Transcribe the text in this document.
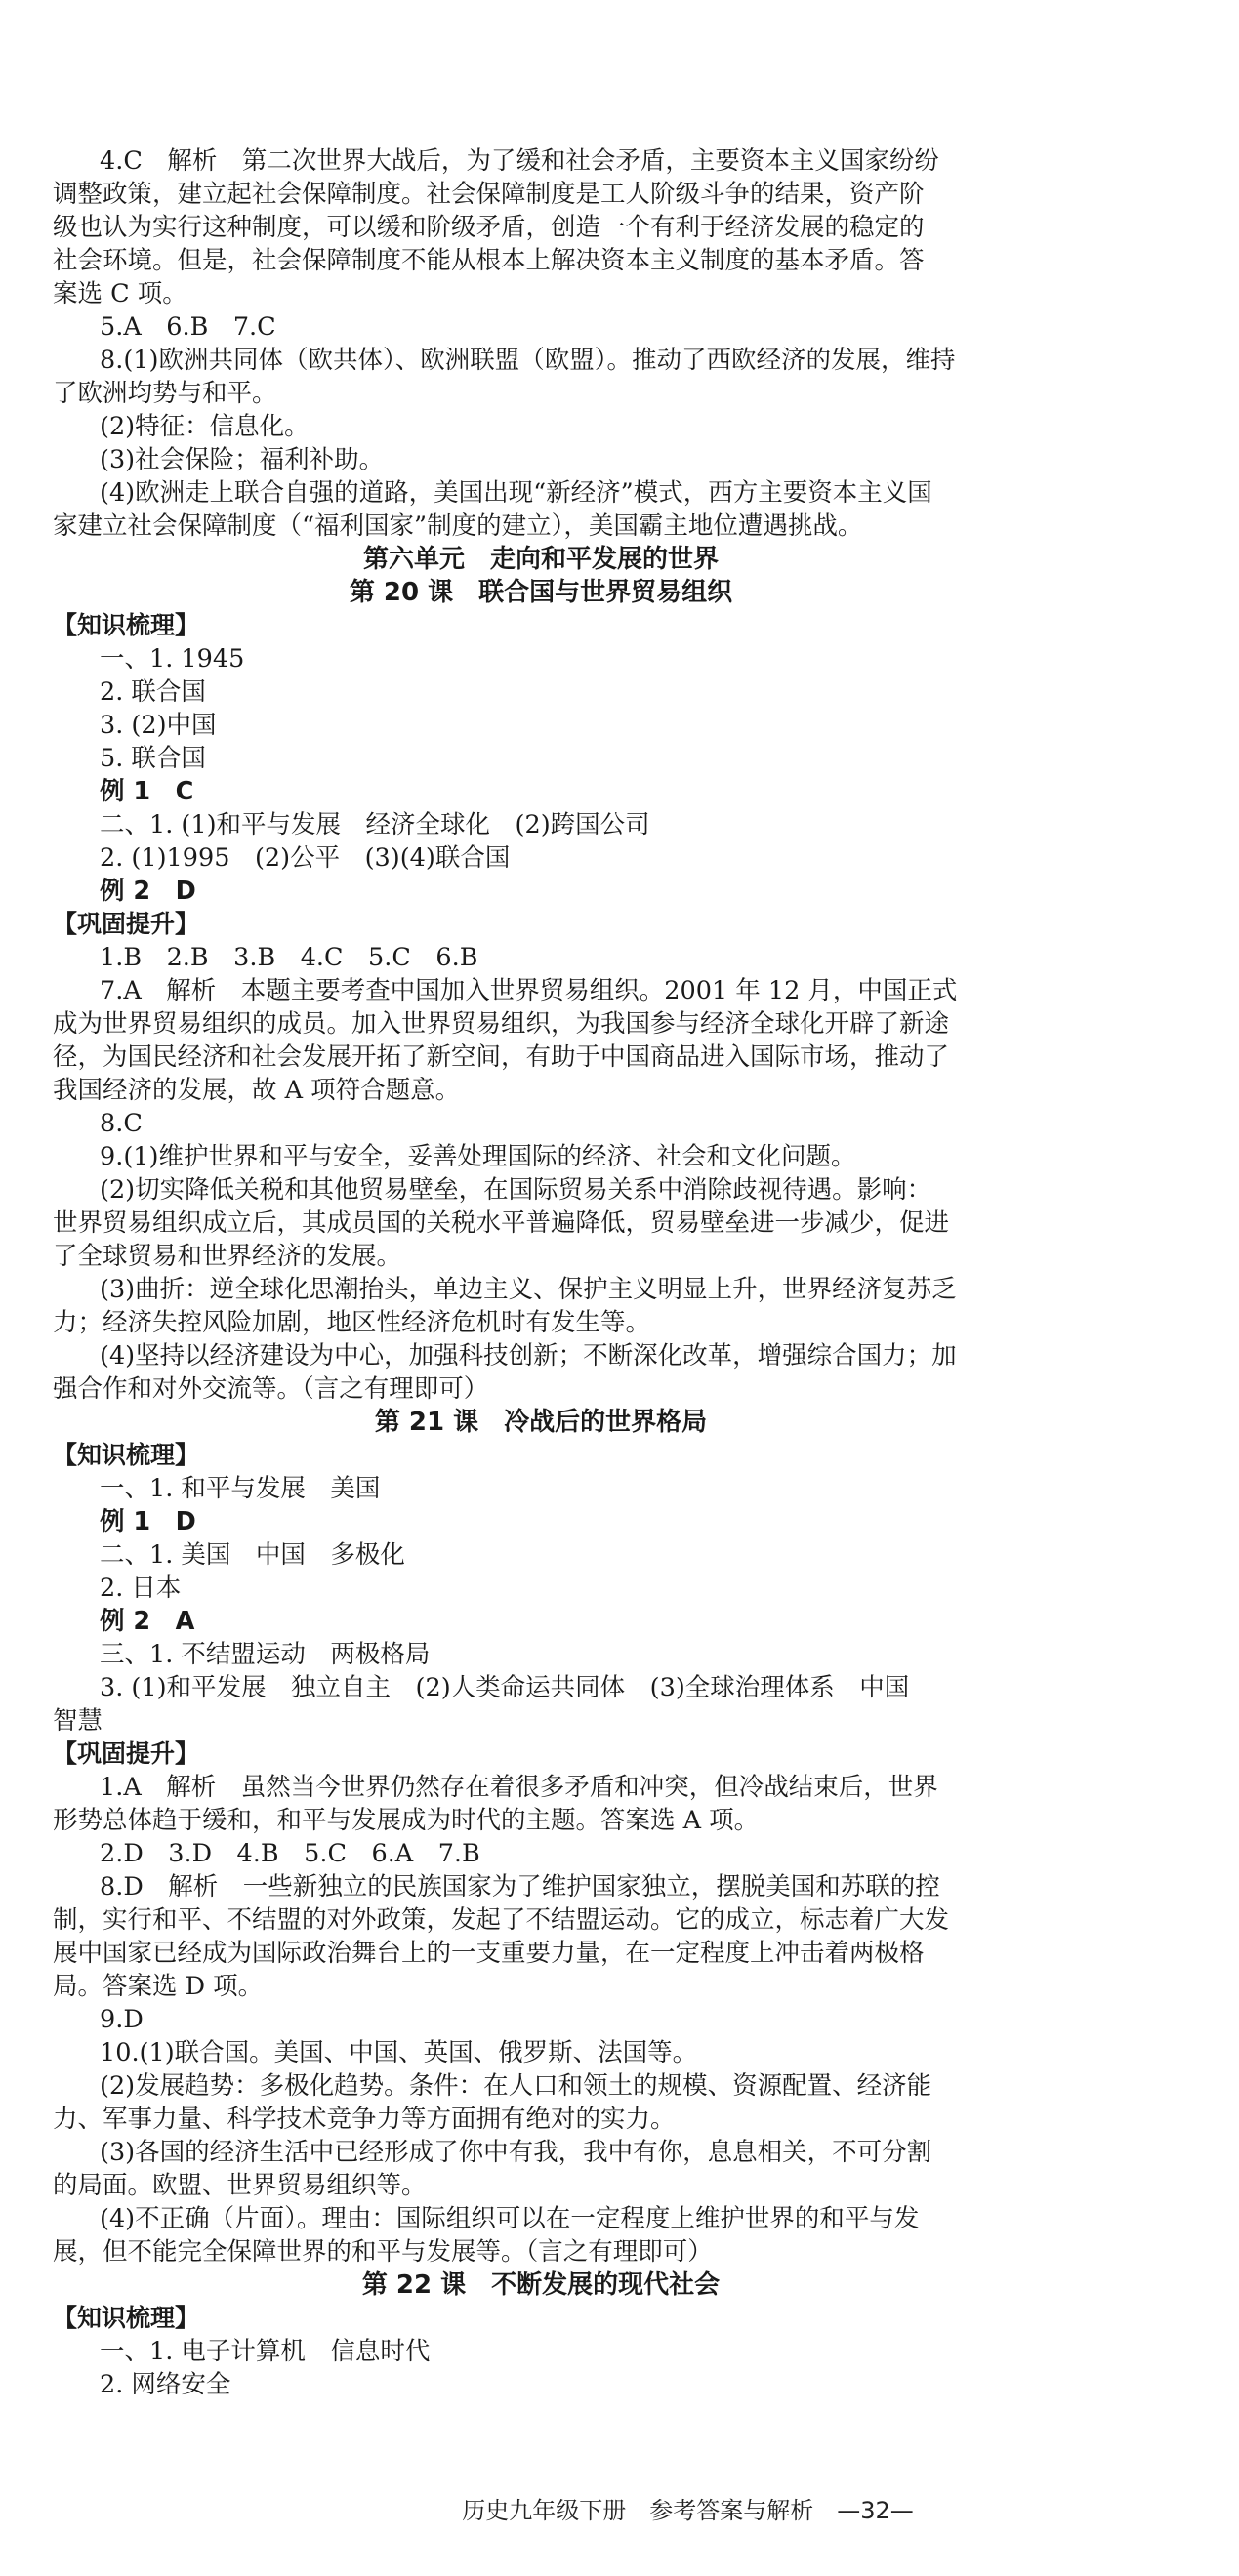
4.C　解析　第二次世界大战后，为了缓和社会矛盾，主要资本主义国家纷纷
调整政策，建立起社会保障制度。社会保障制度是工人阶级斗争的结果，资产阶
级也认为实行这种制度，可以缓和阶级矛盾，创造一个有利于经济发展的稳定的
社会环境。但是，社会保障制度不能从根本上解决资本主义制度的基本矛盾。答
案选 C 项。
5.A　6.B　7.C
8.(1)欧洲共同体（欧共体）、欧洲联盟（欧盟）。推动了西欧经济的发展，维持
了欧洲均势与和平。
(2)特征：信息化。
(3)社会保险；福利补助。
(4)欧洲走上联合自强的道路，美国出现“新经济”模式，西方主要资本主义国
家建立社会保障制度（“福利国家”制度的建立），美国霸主地位遭遇挑战。
第六单元　走向和平发展的世界
第 20 课　联合国与世界贸易组织
【知识梳理】
一、1. 1945
2. 联合国
3. (2)中国
5. 联合国
例 1　C
二、1. (1)和平与发展　经济全球化　(2)跨国公司
2. (1)1995　(2)公平　(3)(4)联合国
例 2　D
【巩固提升】
1.B　2.B　3.B　4.C　5.C　6.B
7.A　解析　本题主要考查中国加入世界贸易组织。2001 年 12 月，中国正式
成为世界贸易组织的成员。加入世界贸易组织，为我国参与经济全球化开辟了新途
径，为国民经济和社会发展开拓了新空间，有助于中国商品进入国际市场，推动了
我国经济的发展，故 A 项符合题意。
8.C
9.(1)维护世界和平与安全，妥善处理国际的经济、社会和文化问题。
(2)切实降低关税和其他贸易壁垒，在国际贸易关系中消除歧视待遇。影响：
世界贸易组织成立后，其成员国的关税水平普遍降低，贸易壁垒进一步减少，促进
了全球贸易和世界经济的发展。
(3)曲折：逆全球化思潮抬头，单边主义、保护主义明显上升，世界经济复苏乏
力；经济失控风险加剧，地区性经济危机时有发生等。
(4)坚持以经济建设为中心，加强科技创新；不断深化改革，增强综合国力；加
强合作和对外交流等。（言之有理即可）
第 21 课　冷战后的世界格局
【知识梳理】
一、1. 和平与发展　美国
例 1　D
二、1. 美国　中国　多极化
2. 日本
例 2　A
三、1. 不结盟运动　两极格局
3. (1)和平发展　独立自主　(2)人类命运共同体　(3)全球治理体系　中国
智慧
【巩固提升】
1.A　解析　虽然当今世界仍然存在着很多矛盾和冲突，但冷战结束后，世界
形势总体趋于缓和，和平与发展成为时代的主题。答案选 A 项。
2.D　3.D　4.B　5.C　6.A　7.B
8.D　解析　一些新独立的民族国家为了维护国家独立，摆脱美国和苏联的控
制，实行和平、不结盟的对外政策，发起了不结盟运动。它的成立，标志着广大发
展中国家已经成为国际政治舞台上的一支重要力量，在一定程度上冲击着两极格
局。答案选 D 项。
9.D
10.(1)联合国。美国、中国、英国、俄罗斯、法国等。
(2)发展趋势：多极化趋势。条件：在人口和领土的规模、资源配置、经济能
力、军事力量、科学技术竞争力等方面拥有绝对的实力。
(3)各国的经济生活中已经形成了你中有我，我中有你，息息相关，不可分割
的局面。欧盟、世界贸易组织等。
(4)不正确（片面）。理由：国际组织可以在一定程度上维护世界的和平与发
展，但不能完全保障世界的和平与发展等。（言之有理即可）
第 22 课　不断发展的现代社会
【知识梳理】
一、1. 电子计算机　信息时代
2. 网络安全
历史九年级下册　参考答案与解析　—32—
